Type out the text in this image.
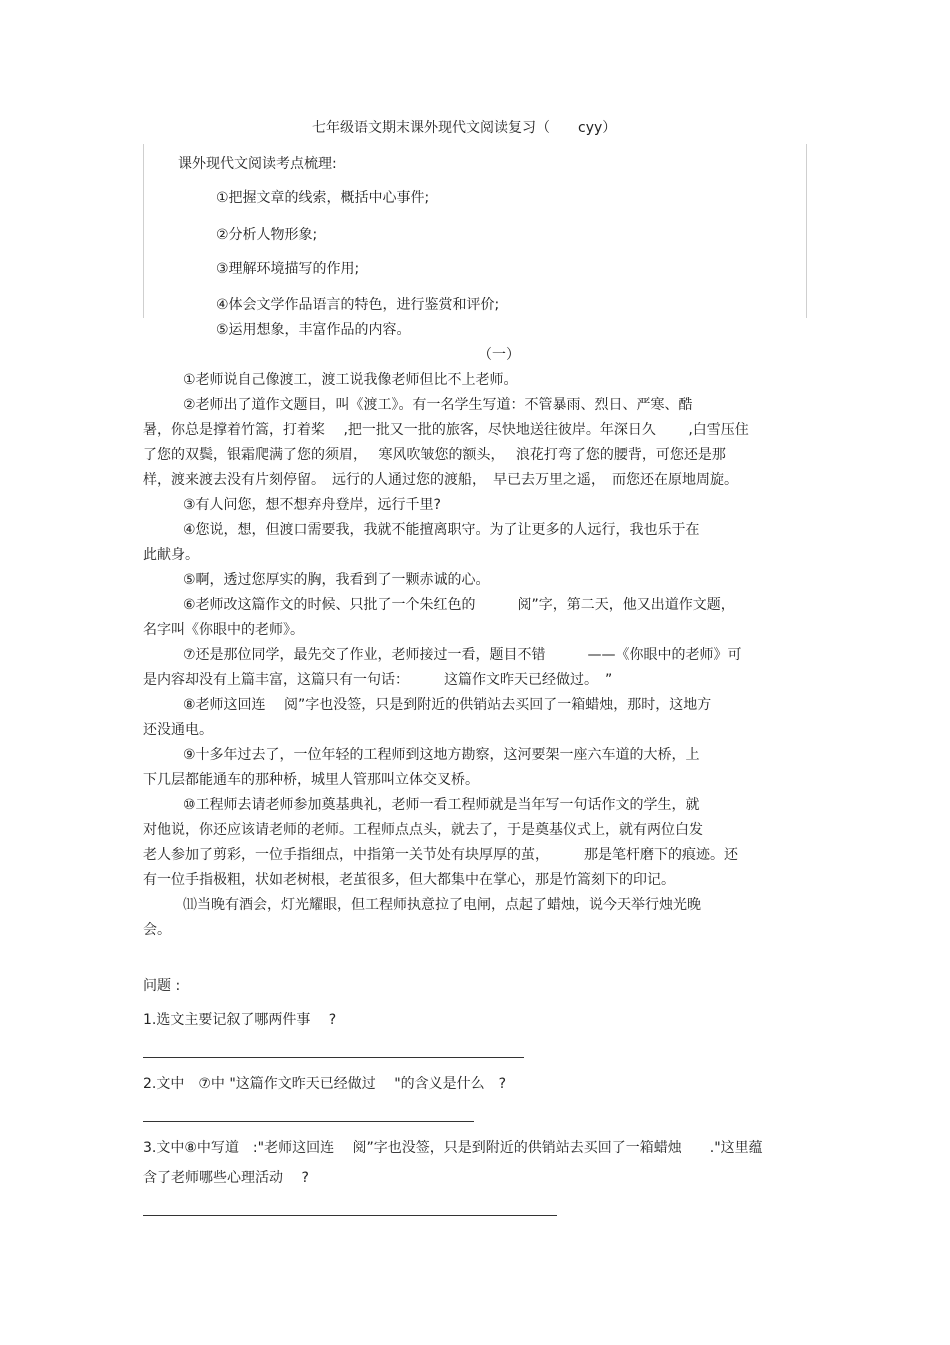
七年级语文期末课外现代文阅读复习（　　cyy）
课外现代文阅读考点梳理:
①把握文章的线索，概括中心事件;
②分析人物形象;
③理解环境描写的作用;
④体会文学作品语言的特色，进行鉴赏和评价;
⑤运用想象，丰富作品的内容。
（一）
①老师说自己像渡工，渡工说我像老师但比不上老师。
②老师出了道作文题目，叫《渡工》。有一名学生写道：不管暴雨、烈日、严寒、酷
暑，你总是撑着竹篙，打着桨　 ,把一批又一批的旅客，尽快地送往彼岸。年深日久　　 ,白雪压住
了您的双鬓，银霜爬满了您的须眉，　 寒风吹皱您的额头，　 浪花打弯了您的腰背，可您还是那
样，渡来渡去没有片刻停留。　远行的人通过您的渡船，　早已去万里之遥，　而您还在原地周旋。
③有人问您，想不想弃舟登岸，远行千里?
④您说，想，但渡口需要我，我就不能擅离职守。为了让更多的人远行，我也乐于在
此献身。
⑤啊，透过您厚实的胸，我看到了一颗赤诚的心。
⑥老师改这篇作文的时候、只批了一个朱红色的　　　阅”字，第二天，他又出道作文题，
名字叫《你眼中的老师》。
⑦还是那位同学，最先交了作业，老师接过一看，题目不错　　　——《你眼中的老师》可
是内容却没有上篇丰富，这篇只有一句话：　　　这篇作文昨天已经做过。　”
⑧老师这回连　 阅”字也没签，只是到附近的供销站去买回了一箱蜡烛，那时，这地方
还没通电。
⑨十多年过去了，一位年轻的工程师到这地方勘察，这河要架一座六车道的大桥，上
下几层都能通车的那种桥，城里人管那叫立体交叉桥。
⑩工程师去请老师参加奠基典礼，老师一看工程师就是当年写一句话作文的学生，就
对他说，你还应该请老师的老师。工程师点点头，就去了，于是奠基仪式上，就有两位白发
老人参加了剪彩，一位手指细点，中指第一关节处有块厚厚的茧，　　　那是笔杆磨下的痕迹。还
有一位手指极粗，状如老树根，老茧很多，但大都集中在掌心，那是竹篙刻下的印记。
⑾当晚有酒会，灯光耀眼，但工程师执意拉了电闸，点起了蜡烛，说今天举行烛光晚
会。
问题 :
1.选文主要记叙了哪两件事　 ?
2.文中　⑦中 "这篇作文昨天已经做过　 "的含义是什么　?
3.文中⑧中写道　:"老师这回连　 阅”字也没签，只是到附近的供销站去买回了一箱蜡烛　　."这里蕴
含了老师哪些心理活动　 ?
